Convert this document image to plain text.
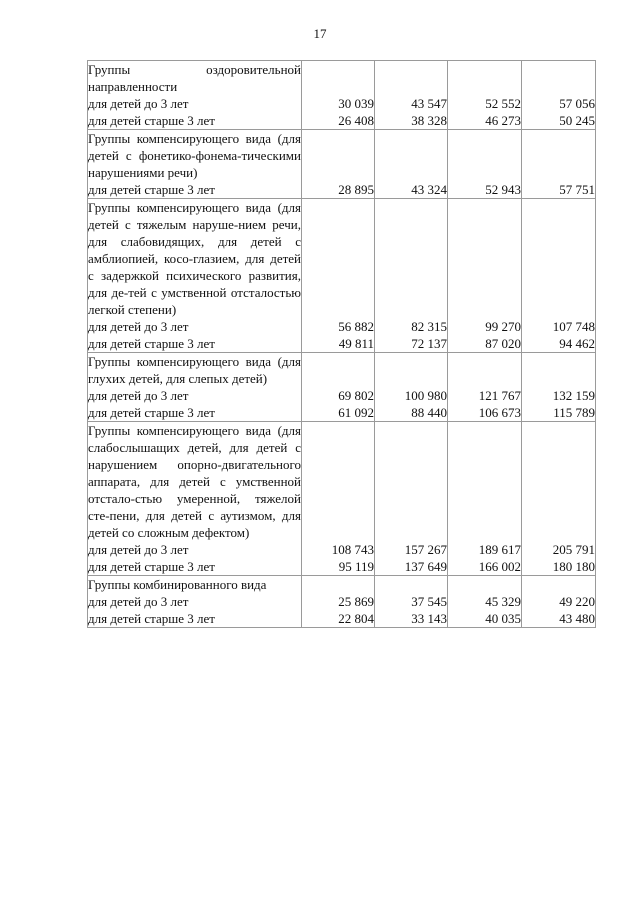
17
Группы оздоровительной направленности				
для детей до 3 лет	30 039	43 547	52 552	57 056
для детей старше 3 лет	26 408	38 328	46 273	50 245
Группы компенсирующего вида (для детей с фонетико-фонема-тическими нарушениями речи)				
для детей старше 3 лет	28 895	43 324	52 943	57 751
Группы компенсирующего вида (для детей с тяжелым наруше-нием речи, для слабовидящих, для детей с амблиопией, косо-глазием, для детей с задержкой психического развития, для де-тей с умственной отсталостью легкой степени)				
для детей до 3 лет	56 882	82 315	99 270	107 748
для детей старше 3 лет	49 811	72 137	87 020	94 462
Группы компенсирующего вида (для глухих детей, для слепых детей)				
для детей до 3 лет	69 802	100 980	121 767	132 159
для детей старше 3 лет	61 092	88 440	106 673	115 789
Группы компенсирующего вида (для слабослышащих детей, для детей с нарушением опорно-двигательного аппарата, для детей с умственной отстало-стью умеренной, тяжелой сте-пени, для детей с аутизмом, для детей со сложным дефектом)				
для детей до 3 лет	108 743	157 267	189 617	205 791
для детей старше 3 лет	95 119	137 649	166 002	180 180
Группы комбинированного вида				
для детей до 3 лет	25 869	37 545	45 329	49 220
для детей старше 3 лет	22 804	33 143	40 035	43 480
